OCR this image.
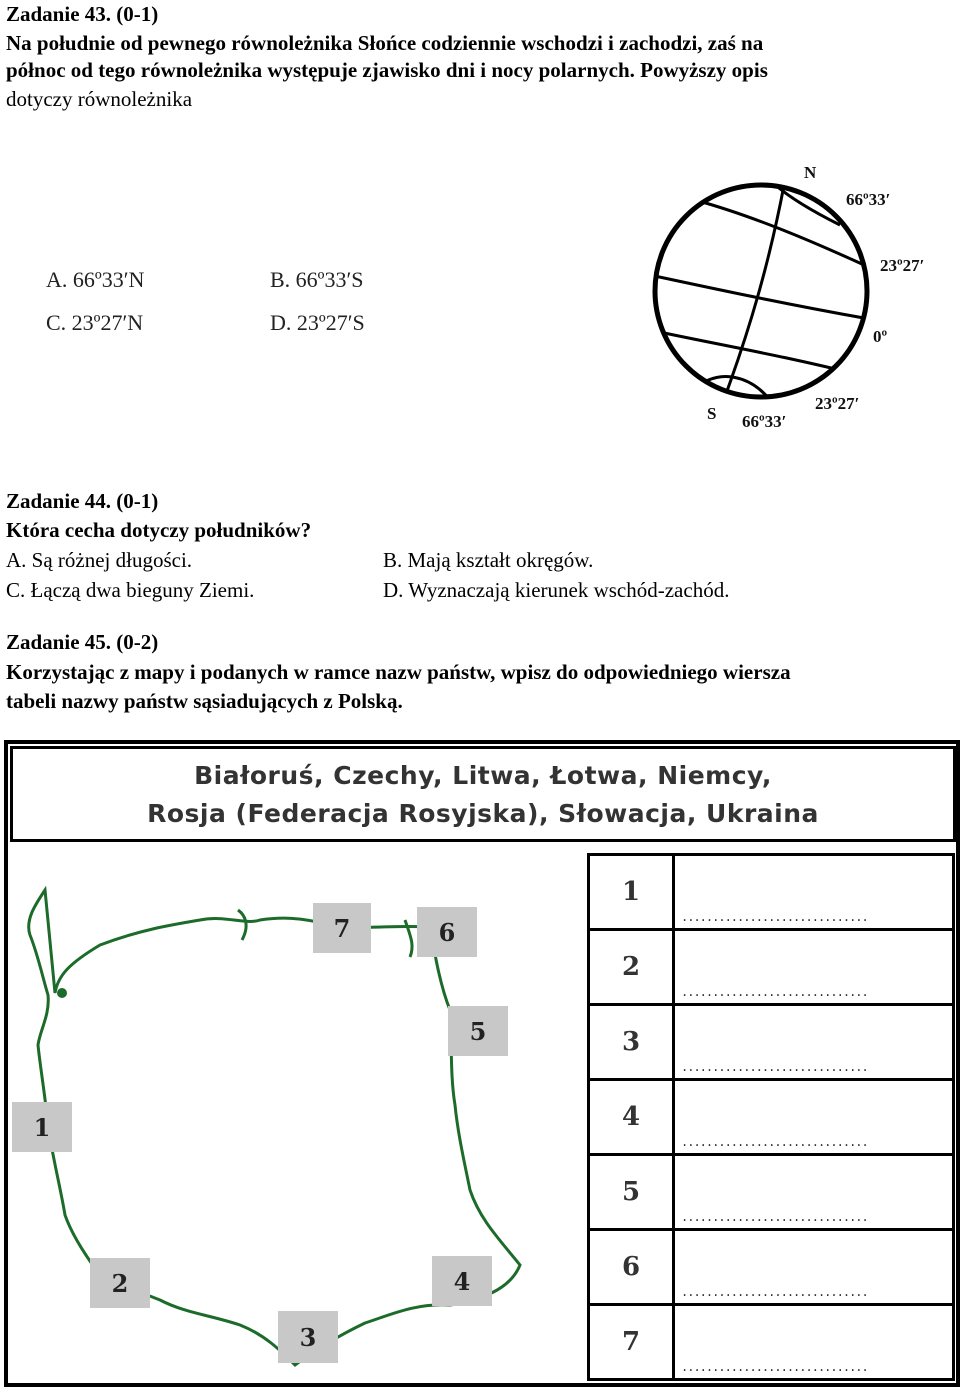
Zadanie 43. (0-1)
Na południe od pewnego równoleżnika Słońce codziennie wschodzi i zachodzi, zaś na
północ od tego równoleżnika występuje zjawisko dni i nocy polarnych. Powyższy opis
dotyczy równoleżnika
A. 66º33′N	B. 66º33′S
C. 23º27′N	D. 23º27′S
N
66º33′
23º27′
0º
23º27′
S 66º33′
Zadanie 44. (0-1)
Która cecha dotyczy południków?
A. Są różnej długości.	B. Mają kształt okręgów.
C. Łączą dwa bieguny Ziemi.	D. Wyznaczają kierunek wschód-zachód.
Zadanie 45. (0-2)
Korzystając z mapy i podanych w ramce nazw państw, wpisz do odpowiedniego wiersza
tabeli nazwy państw sąsiadujących z Polską.
Białoruś, Czechy, Litwa, Łotwa, Niemcy,
Rosja (Federacja Rosyjska), Słowacja, Ukraina
7	6
5
1
2	4
3
1	..............................

2	..............................

3	..............................

4	..............................

5	..............................

6	..............................

7	..............................
